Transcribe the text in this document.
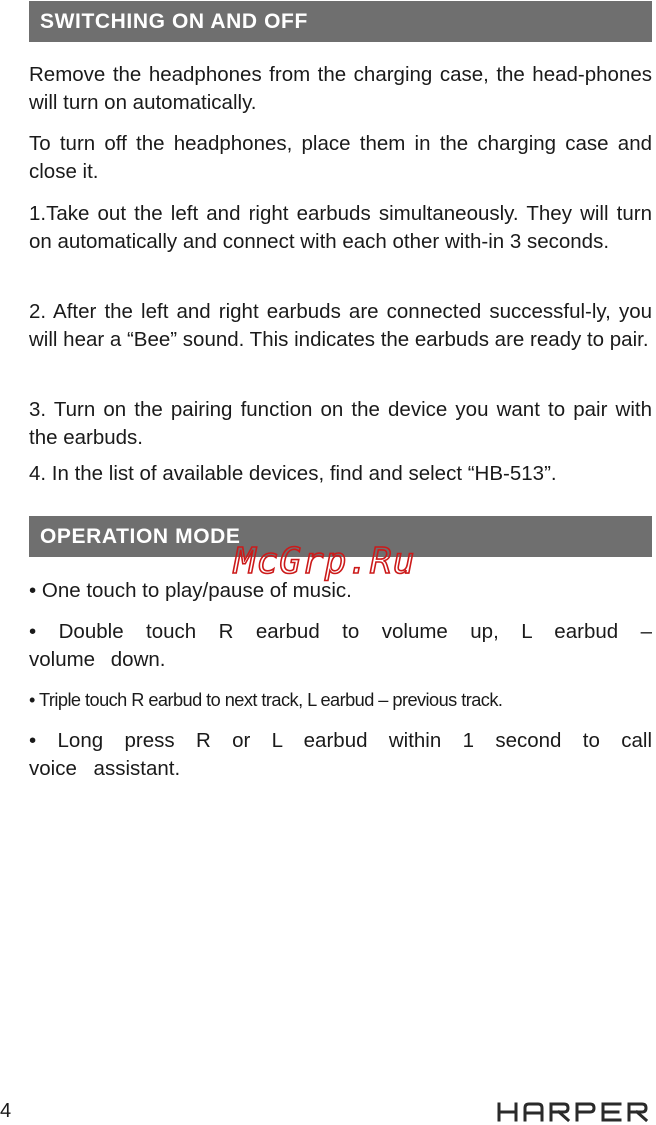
SWITCHING ON AND OFF

Remove the headphones from the charging case, the head-phones will turn on automatically.

To turn off the headphones, place them in the charging case and close it.

1.Take out the left and right earbuds simultaneously. They will turn on automatically and connect with each other with-in 3 seconds.

2. After the left and right earbuds are connected successful-ly, you will hear a “Bee” sound. This indicates the earbuds are ready to pair.

3. Turn on the pairing function on the device you want to pair with the earbuds.

4. In the list of available devices, find and select “HB-513”.

OPERATION MODE

• One touch to play/pause of music.

• Double touch R earbud to volume up, L earbud – volume down.

• Triple touch R earbud to next track, L earbud – previous track.

• Long press R or L earbud within 1 second to call voice assistant.

McGrp.Ru
4
